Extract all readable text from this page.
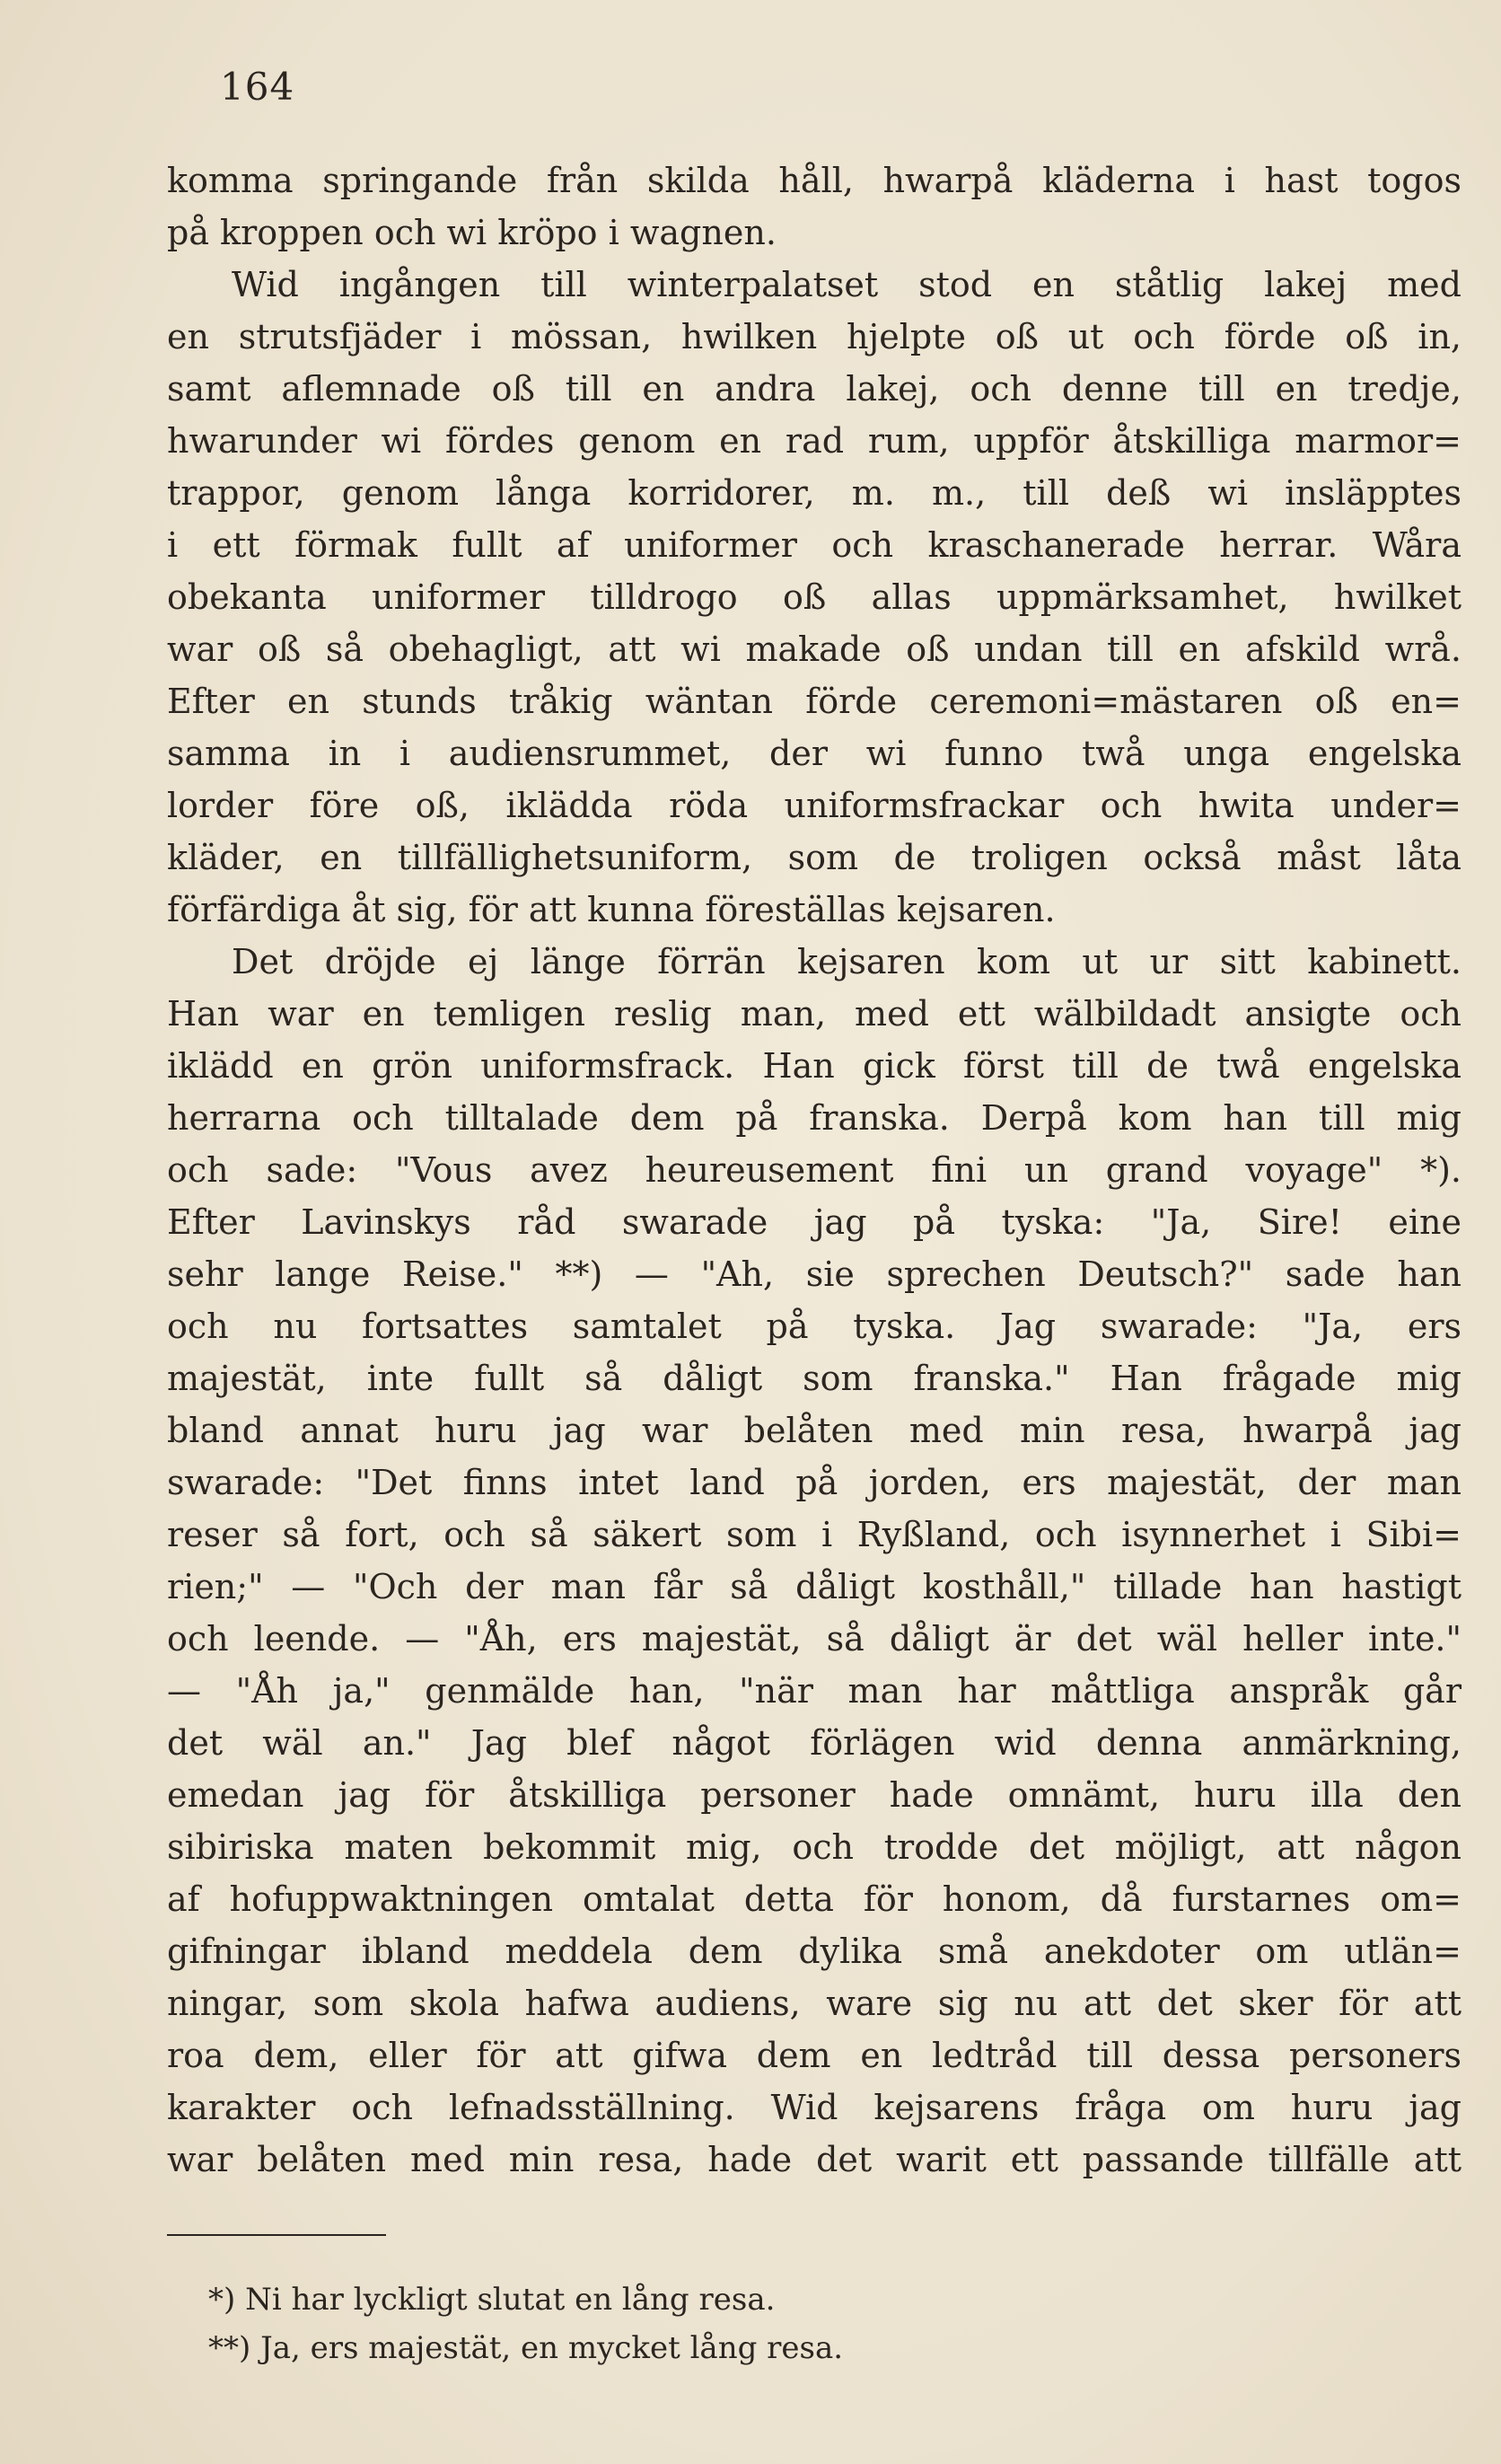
164
komma springande från skilda håll, hwarpå kläderna i hast togos
på kroppen och wi kröpo i wagnen.
Wid ingången till winterpalatset stod en ståtlig lakej med
en strutsfjäder i mössan, hwilken hjelpte oß ut och förde oß in,
samt aflemnade oß till en andra lakej, och denne till en tredje,
hwarunder wi fördes genom en rad rum, uppför åtskilliga marmor=
trappor, genom långa korridorer, m. m., till deß wi insläpptes
i ett förmak fullt af uniformer och kraschanerade herrar. Wåra
obekanta uniformer tilldrogo oß allas uppmärksamhet, hwilket
war oß så obehagligt, att wi makade oß undan till en afskild wrå.
Efter en stunds tråkig wäntan förde ceremoni=mästaren oß en=
samma in i audiensrummet, der wi funno twå unga engelska
lorder före oß, iklädda röda uniformsfrackar och hwita under=
kläder, en tillfällighetsuniform, som de troligen också måst låta
förfärdiga åt sig, för att kunna föreställas kejsaren.
Det dröjde ej länge förrän kejsaren kom ut ur sitt kabinett.
Han war en temligen reslig man, med ett wälbildadt ansigte och
iklädd en grön uniformsfrack. Han gick först till de twå engelska
herrarna och tilltalade dem på franska. Derpå kom han till mig
och sade: "Vous avez heureusement fini un grand voyage" *).
Efter Lavinskys råd swarade jag på tyska: "Ja, Sire! eine
sehr lange Reise." **) — "Ah, sie sprechen Deutsch?" sade han
och nu fortsattes samtalet på tyska. Jag swarade: "Ja, ers
majestät, inte fullt så dåligt som franska." Han frågade mig
bland annat huru jag war belåten med min resa, hwarpå jag
swarade: "Det finns intet land på jorden, ers majestät, der man
reser så fort, och så säkert som i Ryßland, och isynnerhet i Sibi=
rien;" — "Och der man får så dåligt kosthåll," tillade han hastigt
och leende. — "Åh, ers majestät, så dåligt är det wäl heller inte."
— "Åh ja," genmälde han, "när man har måttliga anspråk går
det wäl an." Jag blef något förlägen wid denna anmärkning,
emedan jag för åtskilliga personer hade omnämt, huru illa den
sibiriska maten bekommit mig, och trodde det möjligt, att någon
af hofuppwaktningen omtalat detta för honom, då furstarnes om=
gifningar ibland meddela dem dylika små anekdoter om utlän=
ningar, som skola hafwa audiens, ware sig nu att det sker för att
roa dem, eller för att gifwa dem en ledtråd till dessa personers
karakter och lefnadsställning. Wid kejsarens fråga om huru jag
war belåten med min resa, hade det warit ett passande tillfälle att
*) Ni har lyckligt slutat en lång resa.
**) Ja, ers majestät, en mycket lång resa.
